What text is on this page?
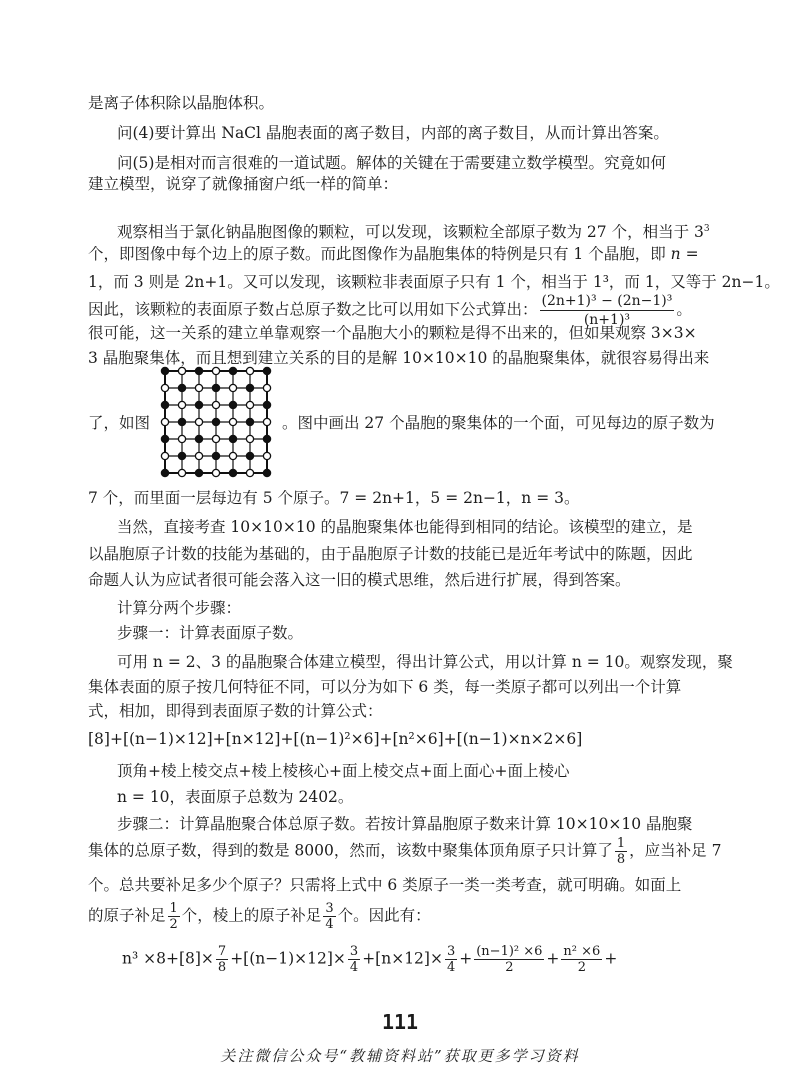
是离子体积除以晶胞体积。
问(4)要计算出 NaCl 晶胞表面的离子数目，内部的离子数目，从而计算出答案。
问(5)是相对而言很难的一道试题。解体的关键在于需要建立数学模型。究竟如何
建立模型，说穿了就像捅窗户纸一样的简单：
观察相当于氯化钠晶胞图像的颗粒，可以发现，该颗粒全部原子数为 27 个，相当于 $3^3$
个，即图像中每个边上的原子数。而此图像作为晶胞集体的特例是只有 1 个晶胞，即 n =
1，而 3 则是 2n+1。又可以发现，该颗粒非表面原子只有 1 个，相当于 1³，而 1，又等于 2n−1。
因此，该颗粒的表面原子数占总原子数之比可以用如下公式算出： $\frac{\text{(2n+1)³ − (2n−1)³}}{\text{(n+1)³}}$ 。
很可能，这一关系的建立单靠观察一个晶胞大小的颗粒是得不出来的，但如果观察 3×3×
3 晶胞聚集体，而且想到建立关系的目的是解 10×10×10 的晶胞聚集体，就很容易得出来
了，如图	。图中画出 27 个晶胞的聚集体的一个面，可见每边的原子数为
7 个，而里面一层每边有 5 个原子。7 = 2n+1，5 = 2n−1，n = 3。
当然，直接考查 10×10×10 的晶胞聚集体也能得到相同的结论。该模型的建立，是
以晶胞原子计数的技能为基础的，由于晶胞原子计数的技能已是近年考试中的陈题，因此
命题人认为应试者很可能会落入这一旧的模式思维，然后进行扩展，得到答案。
计算分两个步骤：
步骤一：计算表面原子数。
可用 n = 2、3 的晶胞聚合体建立模型，得出计算公式，用以计算 n = 10。观察发现，聚
集体表面的原子按几何特征不同，可以分为如下 6 类，每一类原子都可以列出一个计算
式，相加，即得到表面原子数的计算公式：
[8]+[(n−1)×12]+[n×12]+[(n−1)²×6]+[n²×6]+[(n−1)×n×2×6]
顶角+棱上棱交点+棱上棱核心+面上棱交点+面上面心+面上棱心
n = 10，表面原子总数为 2402。
步骤二：计算晶胞聚合体总原子数。若按计算晶胞原子数来计算 10×10×10 晶胞聚
集体的总原子数，得到的数是 8000，然而，该数中聚集体顶角原子只计算了 $\frac{1}{8}$ ，应当补足 7
个。总共要补足多少个原子？只需将上式中 6 类原子一类一类考查，就可明确。如面上
的原子补足 $\frac{1}{2}$ 个，棱上的原子补足 $\frac{3}{4}$ 个。因此有：
$n^3 \times 8+[8]\times \frac{7}{8} +[(n-1)\times 12]\times \frac{3}{4} +[n\times 12]\times \frac{3}{4} + \frac{\text{(n−1)² ×6}}{2} + \frac{\text{n² ×6}}{2}$ +
111
关注微信公众号“教辅资料站”获取更多学习资料
